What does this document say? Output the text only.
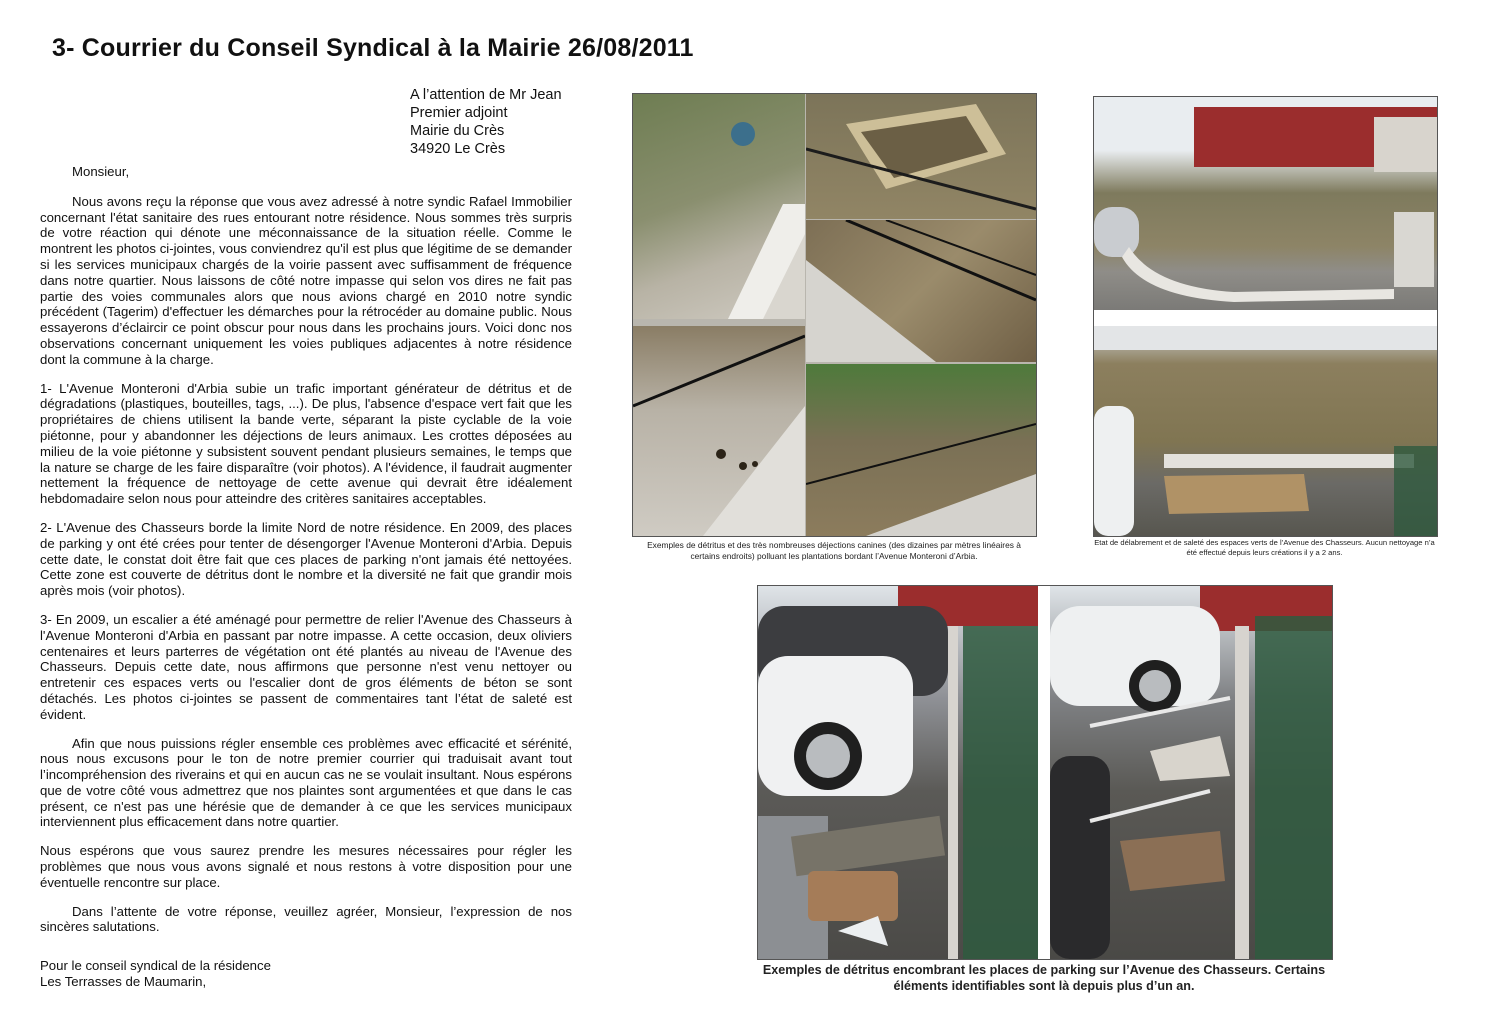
3- Courrier du Conseil Syndical à la Mairie 26/08/2011
A l’attention de Mr Jean
Premier adjoint
Mairie du Crès
34920 Le Crès

Monsieur,

Nous avons reçu la réponse que vous avez adressé à notre syndic Rafael Immobilier concernant l'état sanitaire des rues entourant notre résidence. Nous sommes très surpris de votre réaction qui dénote une méconnaissance de la situation réelle. Comme le montrent les photos ci-jointes, vous conviendrez qu'il est plus que légitime de se demander si les services municipaux chargés de la voirie passent avec suffisamment de fréquence dans notre quartier. Nous laissons de côté notre impasse qui selon vos dires ne fait pas partie des voies communales alors que nous avions chargé en 2010 notre syndic précédent (Tagerim) d'effectuer les démarches pour la rétrocéder au domaine public. Nous essayerons d’éclaircir ce point obscur pour nous dans les prochains jours. Voici donc nos observations concernant uniquement les voies publiques adjacentes à notre résidence dont la commune à la charge.

1- L'Avenue Monteroni d'Arbia subie un trafic important générateur de détritus et de dégradations (plastiques, bouteilles, tags, ...). De plus, l'absence d'espace vert fait que les propriétaires de chiens utilisent la bande verte, séparant la piste cyclable de la voie piétonne, pour y abandonner les déjections de leurs animaux. Les crottes déposées au milieu de la voie piétonne y subsistent souvent pendant plusieurs semaines, le temps que la nature se charge de les faire disparaître (voir photos). A l'évidence, il faudrait augmenter nettement la fréquence de nettoyage de cette avenue qui devrait être idéalement hebdomadaire selon nous pour atteindre des critères sanitaires acceptables.

2- L'Avenue des Chasseurs borde la limite Nord de notre résidence. En 2009, des places de parking y ont été crées pour tenter de désengorger l'Avenue Monteroni d'Arbia. Depuis cette date, le constat doit être fait que ces places de parking n'ont jamais été nettoyées. Cette zone est couverte de détritus dont le nombre et la diversité ne fait que grandir mois après mois (voir photos).

3- En 2009, un escalier a été aménagé pour permettre de relier l'Avenue des Chasseurs à l'Avenue Monteroni d'Arbia en passant par notre impasse. A cette occasion, deux oliviers centenaires et leurs parterres de végétation ont été plantés au niveau de l'Avenue des Chasseurs. Depuis cette date, nous affirmons que personne n'est venu nettoyer ou entretenir ces espaces verts ou l'escalier dont de gros éléments de béton se sont détachés. Les photos ci-jointes se passent de commentaires tant l’état de saleté est évident.

Afin que nous puissions régler ensemble ces problèmes avec efficacité et sérénité, nous nous excusons pour le ton de notre premier courrier qui traduisait avant tout l’incompréhension des riverains et qui en aucun cas ne se voulait insultant. Nous espérons que de votre côté vous admettrez que nos plaintes sont argumentées et que dans le cas présent, ce n'est pas une hérésie que de demander à ce que les services municipaux interviennent plus efficacement dans notre quartier.

Nous espérons que vous saurez prendre les mesures nécessaires pour régler les problèmes que nous vous avons signalé et nous restons à votre disposition pour une éventuelle rencontre sur place.

Dans l’attente de votre réponse, veuillez agréer, Monsieur, l’expression de nos sincères salutations.

Pour le conseil syndical de la résidence
Les Terrasses de Maumarin,
Exemples de détritus et des très nombreuses déjections canines (des dizaines par mètres linéaires à certains endroits) polluant les plantations bordant l’Avenue Monteroni d’Arbia.
Etat de délabrement et de saleté des espaces verts de l’Avenue des Chasseurs. Aucun nettoyage n’a été effectué depuis leurs créations il y a 2 ans.
Exemples de détritus encombrant les places de parking sur l’Avenue des Chasseurs. Certains éléments identifiables sont là depuis plus d’un an.
